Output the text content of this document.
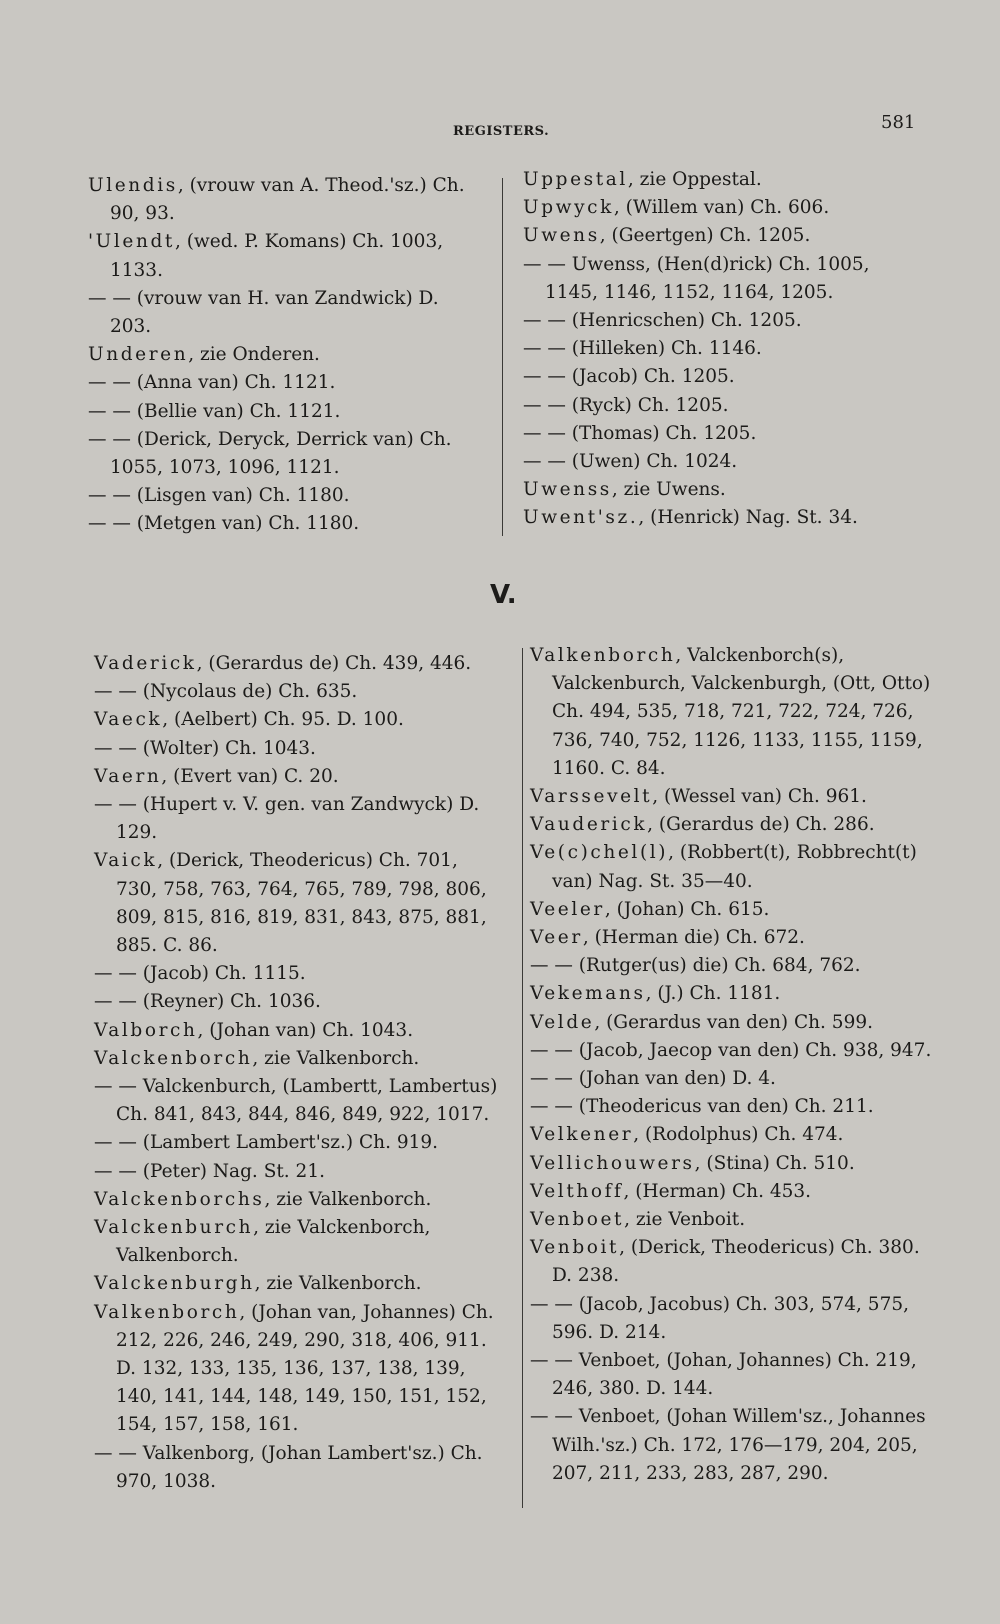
REGISTERS.	581

Ulendis, (vrouw van A. Theod.'sz.) Ch. 90, 93.

'Ulendt, (wed. P. Komans) Ch. 1003, 1133.

— — (vrouw van H. van Zandwick) D. 203.

Underen, zie Onderen.

— — (Anna van) Ch. 1121.

— — (Bellie van) Ch. 1121.

— — (Derick, Deryck, Derrick van) Ch. 1055, 1073, 1096, 1121.

— — (Lisgen van) Ch. 1180.

— — (Metgen van) Ch. 1180.

Uppestal, zie Oppestal.

Upwyck, (Willem van) Ch. 606.

Uwens, (Geertgen) Ch. 1205.

— — Uwenss, (Hen(d)rick) Ch. 1005, 1145, 1146, 1152, 1164, 1205.

— — (Henricschen) Ch. 1205.

— — (Hilleken) Ch. 1146.

— — (Jacob) Ch. 1205.

— — (Ryck) Ch. 1205.

— — (Thomas) Ch. 1205.

— — (Uwen) Ch. 1024.

Uwenss, zie Uwens.

Uwent'sz., (Henrick) Nag. St. 34.

V.

Vaderick, (Gerardus de) Ch. 439, 446.

— — (Nycolaus de) Ch. 635.

Vaeck, (Aelbert) Ch. 95. D. 100.

— — (Wolter) Ch. 1043.

Vaern, (Evert van) C. 20.

— — (Hupert v. V. gen. van Zandwyck) D. 129.

Vaick, (Derick, Theodericus) Ch. 701, 730, 758, 763, 764, 765, 789, 798, 806, 809, 815, 816, 819, 831, 843, 875, 881, 885. C. 86.

— — (Jacob) Ch. 1115.

— — (Reyner) Ch. 1036.

Valborch, (Johan van) Ch. 1043.

Valckenborch, zie Valkenborch.

— — Valckenburch, (Lambertt, Lambertus) Ch. 841, 843, 844, 846, 849, 922, 1017.

— — (Lambert Lambert'sz.) Ch. 919.

— — (Peter) Nag. St. 21.

Valckenborchs, zie Valkenborch.

Valckenburch, zie Valckenborch, Valkenborch.

Valckenburgh, zie Valkenborch.

Valkenborch, (Johan van, Johannes) Ch. 212, 226, 246, 249, 290, 318, 406, 911. D. 132, 133, 135, 136, 137, 138, 139, 140, 141, 144, 148, 149, 150, 151, 152, 154, 157, 158, 161.

— — Valkenborg, (Johan Lambert'sz.) Ch. 970, 1038.

Valkenborch, Valckenborch(s), Valckenburch, Valckenburgh, (Ott, Otto) Ch. 494, 535, 718, 721, 722, 724, 726, 736, 740, 752, 1126, 1133, 1155, 1159, 1160. C. 84.

Varssevelt, (Wessel van) Ch. 961.

Vauderick, (Gerardus de) Ch. 286.

Ve(c)chel(l), (Robbert(t), Robbrecht(t) van) Nag. St. 35—40.

Veeler, (Johan) Ch. 615.

Veer, (Herman die) Ch. 672.

— — (Rutger(us) die) Ch. 684, 762.

Vekemans, (J.) Ch. 1181.

Velde, (Gerardus van den) Ch. 599.

— — (Jacob, Jaecop van den) Ch. 938, 947.

— — (Johan van den) D. 4.

— — (Theodericus van den) Ch. 211.

Velkener, (Rodolphus) Ch. 474.

Vellichouwers, (Stina) Ch. 510.

Velthoff, (Herman) Ch. 453.

Venboet, zie Venboit.

Venboit, (Derick, Theodericus) Ch. 380. D. 238.

— — (Jacob, Jacobus) Ch. 303, 574, 575, 596. D. 214.

— — Venboet, (Johan, Johannes) Ch. 219, 246, 380. D. 144.

— — Venboet, (Johan Willem'sz., Johannes Wilh.'sz.) Ch. 172, 176—179, 204, 205, 207, 211, 233, 283, 287, 290.
